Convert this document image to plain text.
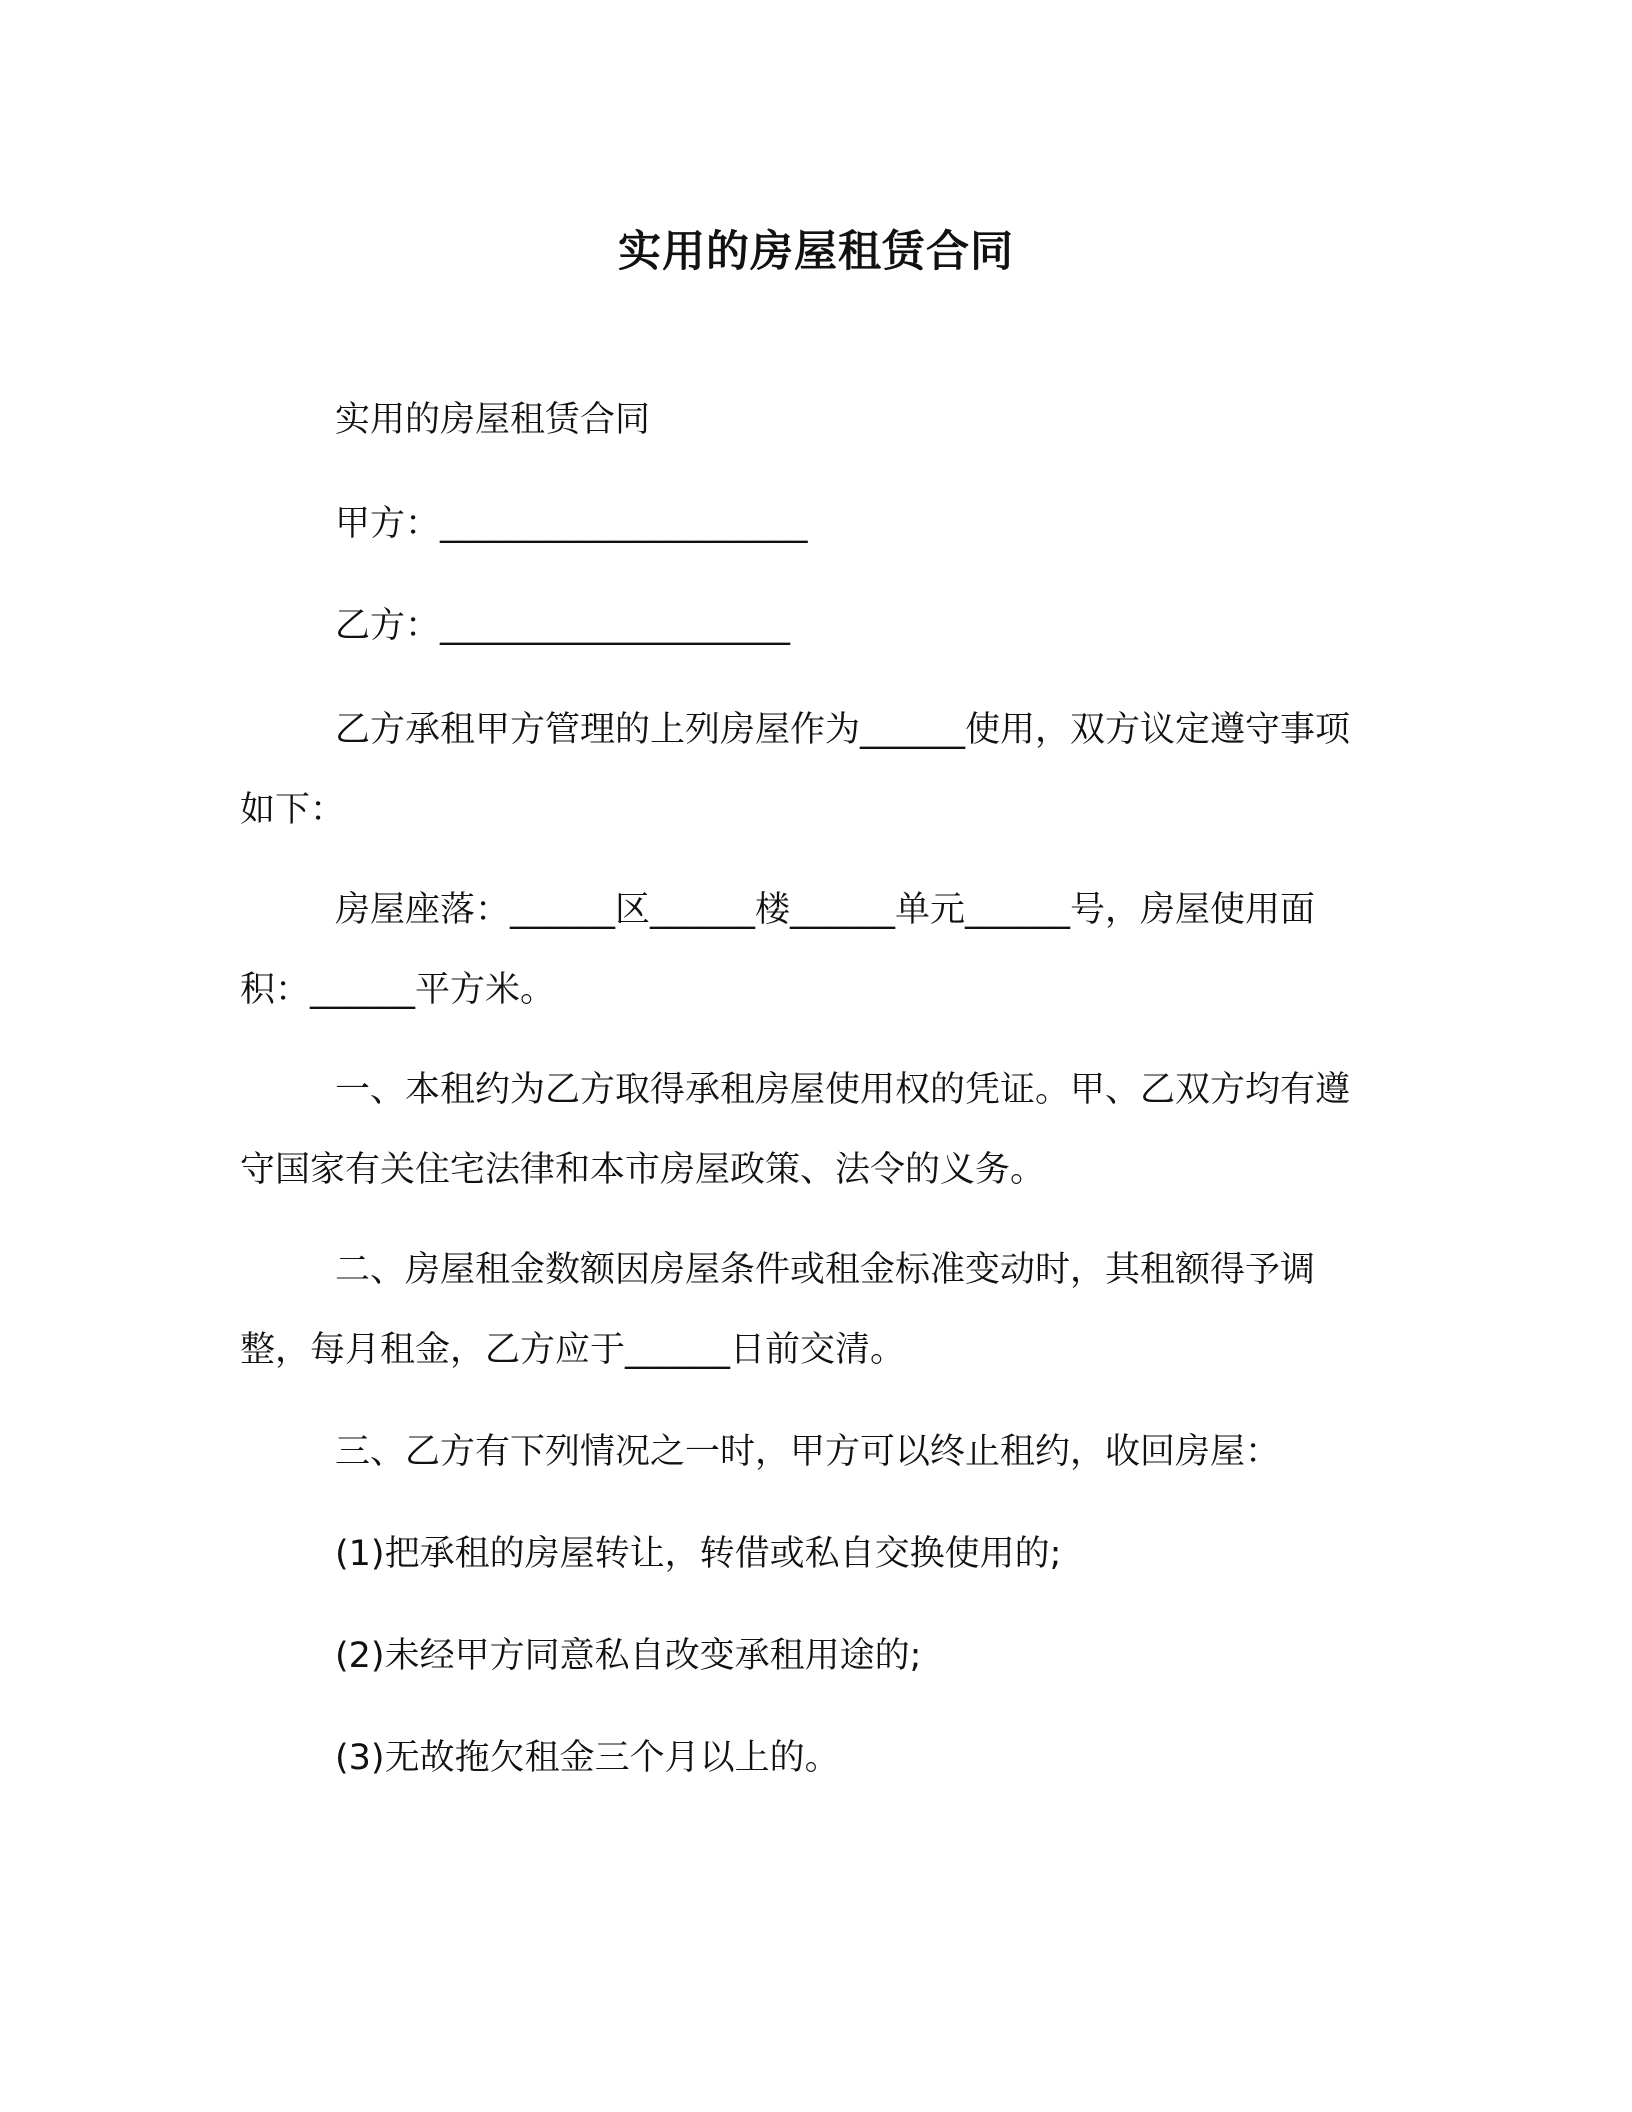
实用的房屋租赁合同

实用的房屋租赁合同

甲方：_____________________

乙方：____________________

乙方承租甲方管理的上列房屋作为______使用，双方议定遵守事项如下：

房屋座落：______区______楼______单元______号，房屋使用面积：______平方米。

一、本租约为乙方取得承租房屋使用权的凭证。甲、乙双方均有遵守国家有关住宅法律和本市房屋政策、法令的义务。

二、房屋租金数额因房屋条件或租金标准变动时，其租额得予调整，每月租金，乙方应于______日前交清。

三、乙方有下列情况之一时，甲方可以终止租约，收回房屋：

(1)把承租的房屋转让，转借或私自交换使用的;

(2)未经甲方同意私自改变承租用途的;

(3)无故拖欠租金三个月以上的。
